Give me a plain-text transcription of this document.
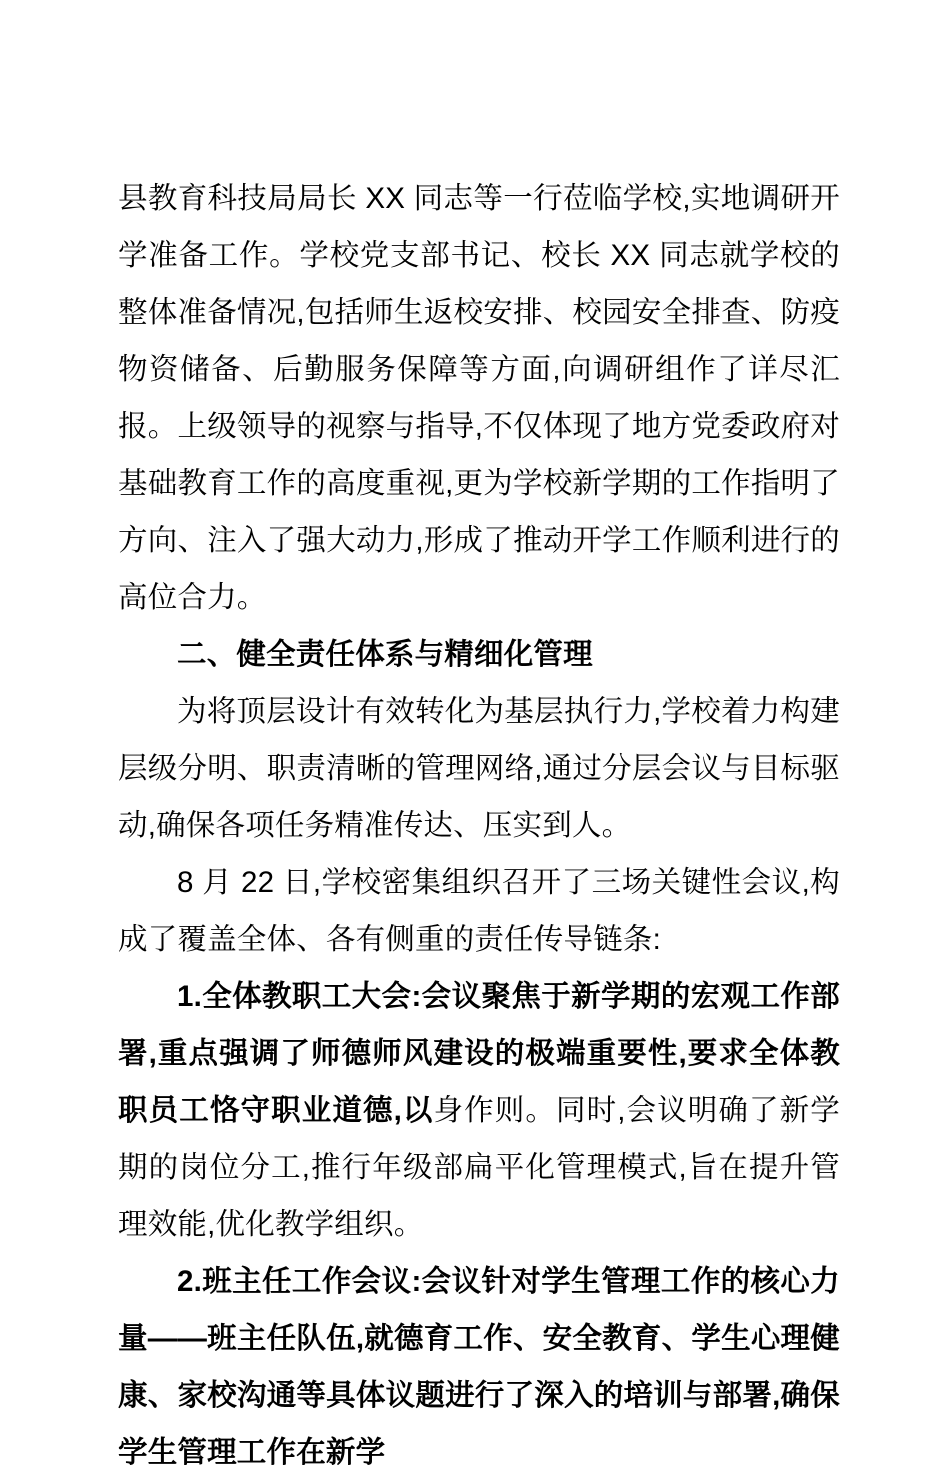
县教育科技局局长 XX 同志等一行莅临学校,实地调研开学准备工作。学校党支部书记、校长 XX 同志就学校的整体准备情况,包括师生返校安排、校园安全排查、防疫物资储备、后勤服务保障等方面,向调研组作了详尽汇报。上级领导的视察与指导,不仅体现了地方党委政府对基础教育工作的高度重视,更为学校新学期的工作指明了方向、注入了强大动力,形成了推动开学工作顺利进行的高位合力。

二、健全责任体系与精细化管理

为将顶层设计有效转化为基层执行力,学校着力构建层级分明、职责清晰的管理网络,通过分层会议与目标驱动,确保各项任务精准传达、压实到人。

8 月 22 日,学校密集组织召开了三场关键性会议,构成了覆盖全体、各有侧重的责任传导链条:

1.全体教职工大会:会议聚焦于新学期的宏观工作部署,重点强调了师德师风建设的极端重要性,要求全体教职员工恪守职业道德,以身作则。同时,会议明确了新学期的岗位分工,推行年级部扁平化管理模式,旨在提升管理效能,优化教学组织。

2.班主任工作会议:会议针对学生管理工作的核心力量——班主任队伍,就德育工作、安全教育、学生心理健康、家校沟通等具体议题进行了深入的培训与部署,确保学生管理工作在新学
